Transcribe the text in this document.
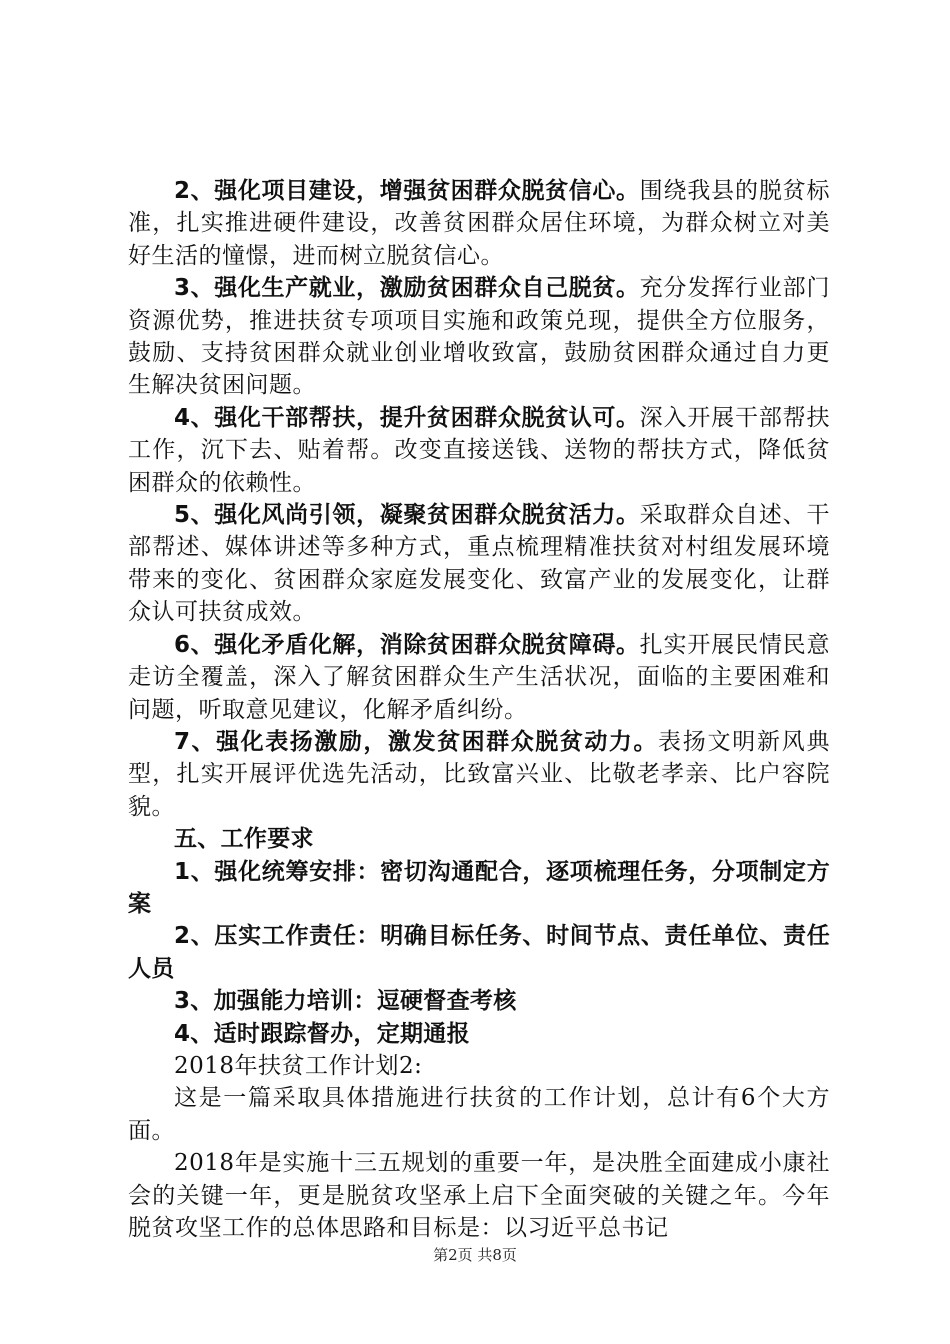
2、强化项目建设，增强贫困群众脱贫信心。围绕我县的脱贫标准，扎实推进硬件建设，改善贫困群众居住环境，为群众树立对美好生活的憧憬，进而树立脱贫信心。

3、强化生产就业，激励贫困群众自己脱贫。充分发挥行业部门资源优势，推进扶贫专项项目实施和政策兑现，提供全方位服务，鼓励、支持贫困群众就业创业增收致富，鼓励贫困群众通过自力更生解决贫困问题。

4、强化干部帮扶，提升贫困群众脱贫认可。深入开展干部帮扶工作，沉下去、贴着帮。改变直接送钱、送物的帮扶方式，降低贫困群众的依赖性。

5、强化风尚引领，凝聚贫困群众脱贫活力。采取群众自述、干部帮述、媒体讲述等多种方式，重点梳理精准扶贫对村组发展环境带来的变化、贫困群众家庭发展变化、致富产业的发展变化，让群众认可扶贫成效。

6、强化矛盾化解，消除贫困群众脱贫障碍。扎实开展民情民意走访全覆盖，深入了解贫困群众生产生活状况，面临的主要困难和问题，听取意见建议，化解矛盾纠纷。

7、强化表扬激励，激发贫困群众脱贫动力。表扬文明新风典型，扎实开展评优选先活动，比致富兴业、比敬老孝亲、比户容院貌。

五、工作要求

1、强化统筹安排：密切沟通配合，逐项梳理任务，分项制定方案

2、压实工作责任：明确目标任务、时间节点、责任单位、责任人员

3、加强能力培训：逗硬督查考核

4、适时跟踪督办，定期通报

2018年扶贫工作计划2:

这是一篇采取具体措施进行扶贫的工作计划，总计有6个大方面。

2018年是实施十三五规划的重要一年，是决胜全面建成小康社会的关键一年，更是脱贫攻坚承上启下全面突破的关键之年。今年脱贫攻坚工作的总体思路和目标是：以习近平总书记

第2页 共8页
